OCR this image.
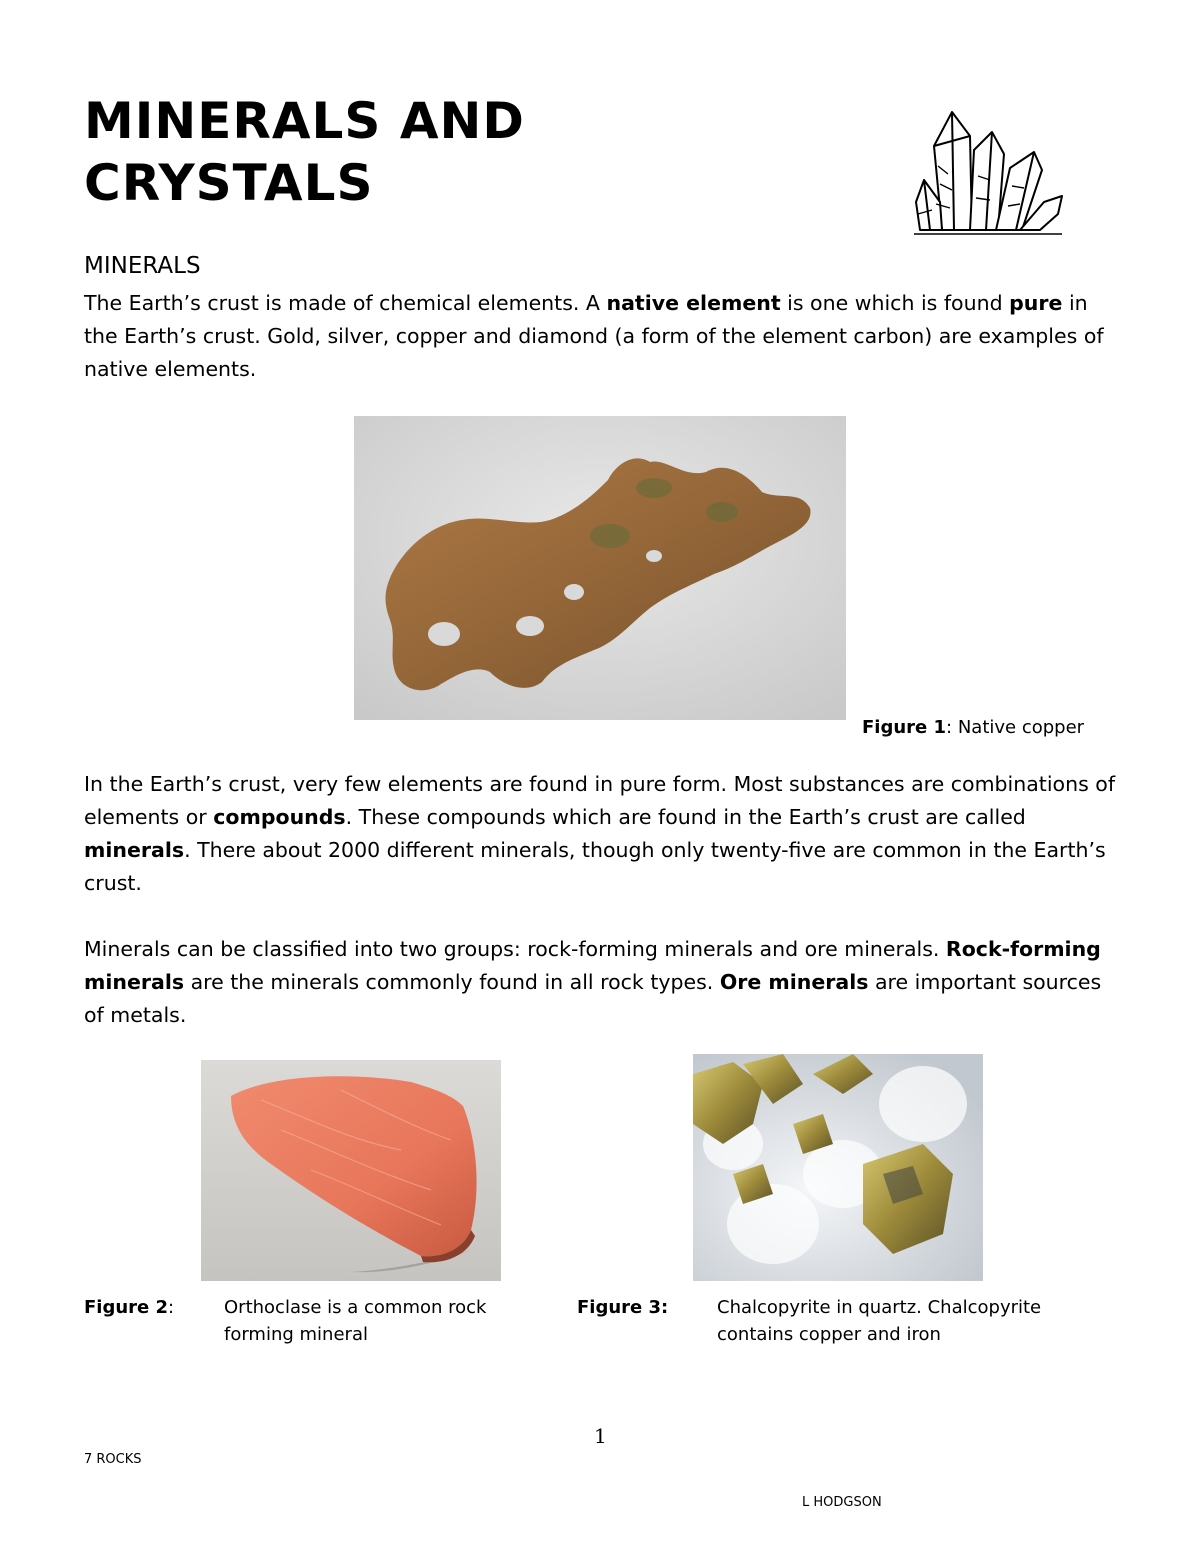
MINERALS AND
CRYSTALS
MINERALS
The Earth’s crust is made of chemical elements. A native element is one which is found pure in the Earth’s crust. Gold, silver, copper and diamond (a form of the element carbon) are examples of native elements.
Figure 1: Native copper
In the Earth’s crust, very few elements are found in pure form. Most substances are combinations of elements or compounds. These compounds which are found in the Earth’s crust are called minerals. There about 2000 different minerals, though only twenty-five are common in the Earth’s crust.
Minerals can be classified into two groups: rock-forming minerals and ore minerals. Rock-forming minerals are the minerals commonly found in all rock types. Ore minerals are important sources of metals.
Figure 2:	Orthoclase is a common rock
forming mineral
Figure 3:	Chalcopyrite in quartz. Chalcopyrite
contains copper and iron
1
7 ROCKS
L HODGSON
